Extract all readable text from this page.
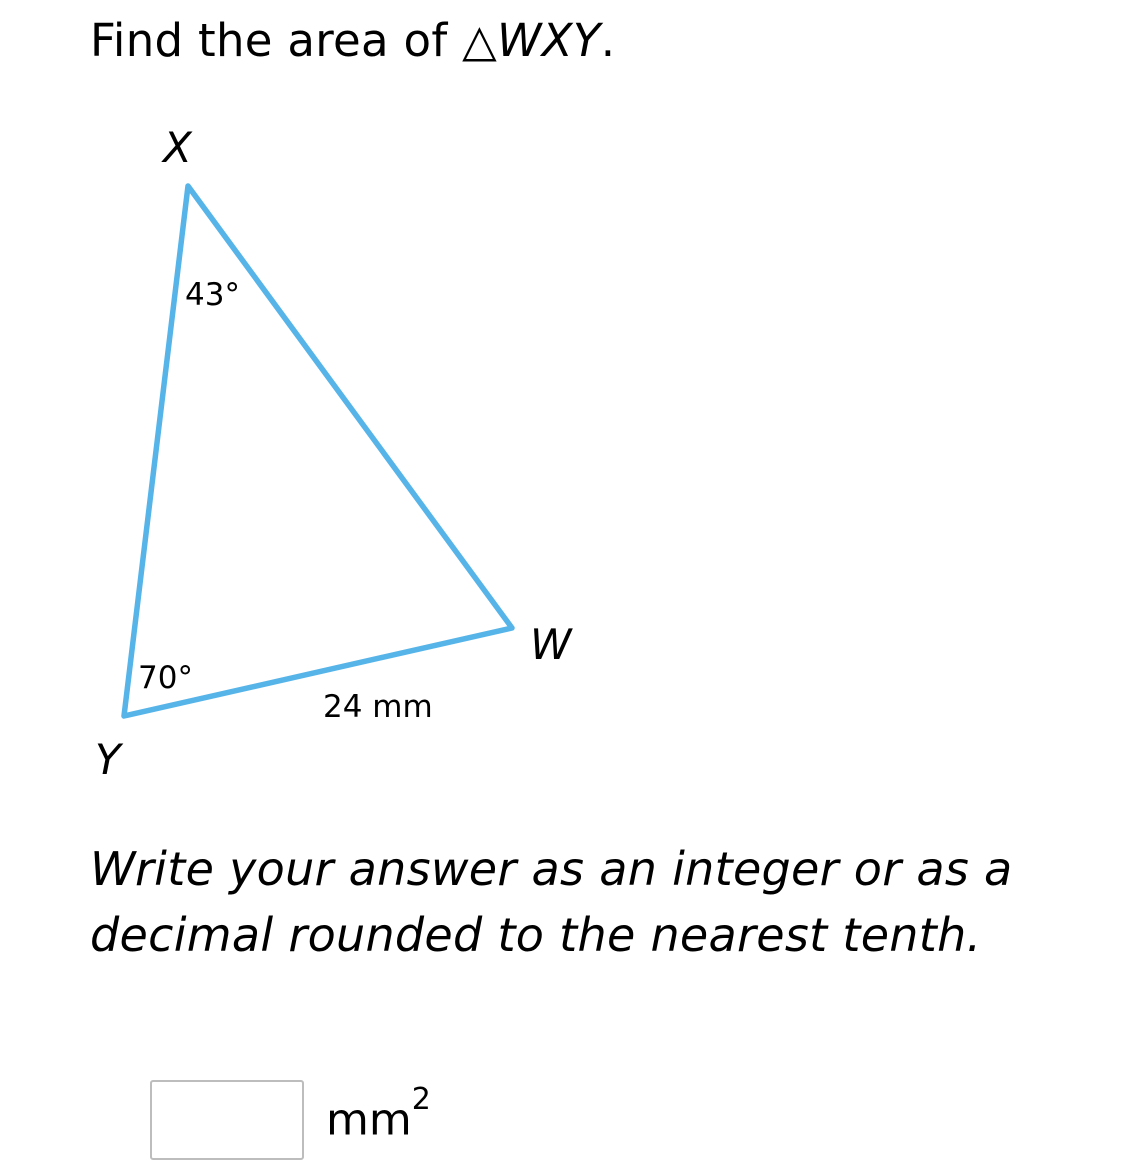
Find the area of △WXY.
X
W
Y
43°
70°
24 mm

Write your answer as an integer or as a decimal rounded to the nearest tenth.

$mm^2$
